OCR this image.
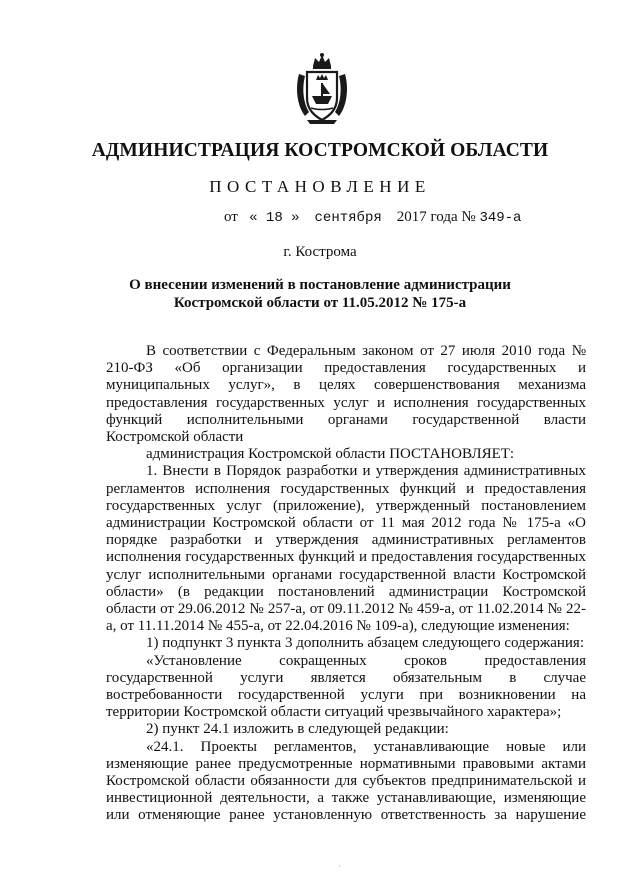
АДМИНИСТРАЦИЯ КОСТРОМСКОЙ ОБЛАСТИ
ПОСТАНОВЛЕНИЕ
от « 18 » сентября 2017 года № 349-а
г. Кострома
О внесении изменений в постановление администрации
Костромской области от 11.05.2012 № 175-а

В соответствии с Федеральным законом от 27 июля 2010 года № 210-ФЗ «Об организации предоставления государственных и муниципальных услуг», в целях совершенствования механизма предоставления государственных услуг и исполнения государственных функций исполнительными органами государственной власти Костромской области

администрация Костромской области ПОСТАНОВЛЯЕТ:

1. Внести в Порядок разработки и утверждения административных регламентов исполнения государственных функций и предоставления государственных услуг (приложение), утвержденный постановлением администрации Костромской области от 11 мая 2012 года № 175-а «О порядке разработки и утверждения административных регламентов исполнения государственных функций и предоставления государственных услуг исполнительными органами государственной власти Костромской области» (в редакции постановлений администрации Костромской области от 29.06.2012 № 257-а, от 09.11.2012 № 459-а, от 11.02.2014 № 22-а, от 11.11.2014 № 455-а, от 22.04.2016 № 109-а), следующие изменения:

1) подпункт 3 пункта 3 дополнить абзацем следующего содержания:

«Установление сокращенных сроков предоставления государственной услуги является обязательным в случае востребованности государственной услуги при возникновении на территории Костромской области ситуаций чрезвычайного характера»;

2) пункт 24.1 изложить в следующей редакции:

«24.1. Проекты регламентов, устанавливающие новые или изменяющие ранее предусмотренные нормативными правовыми актами Костромской области обязанности для субъектов предпринимательской и инвестиционной деятельности, а также устанавливающие, изменяющие или отменяющие ранее установленную ответственность за нарушение

·
